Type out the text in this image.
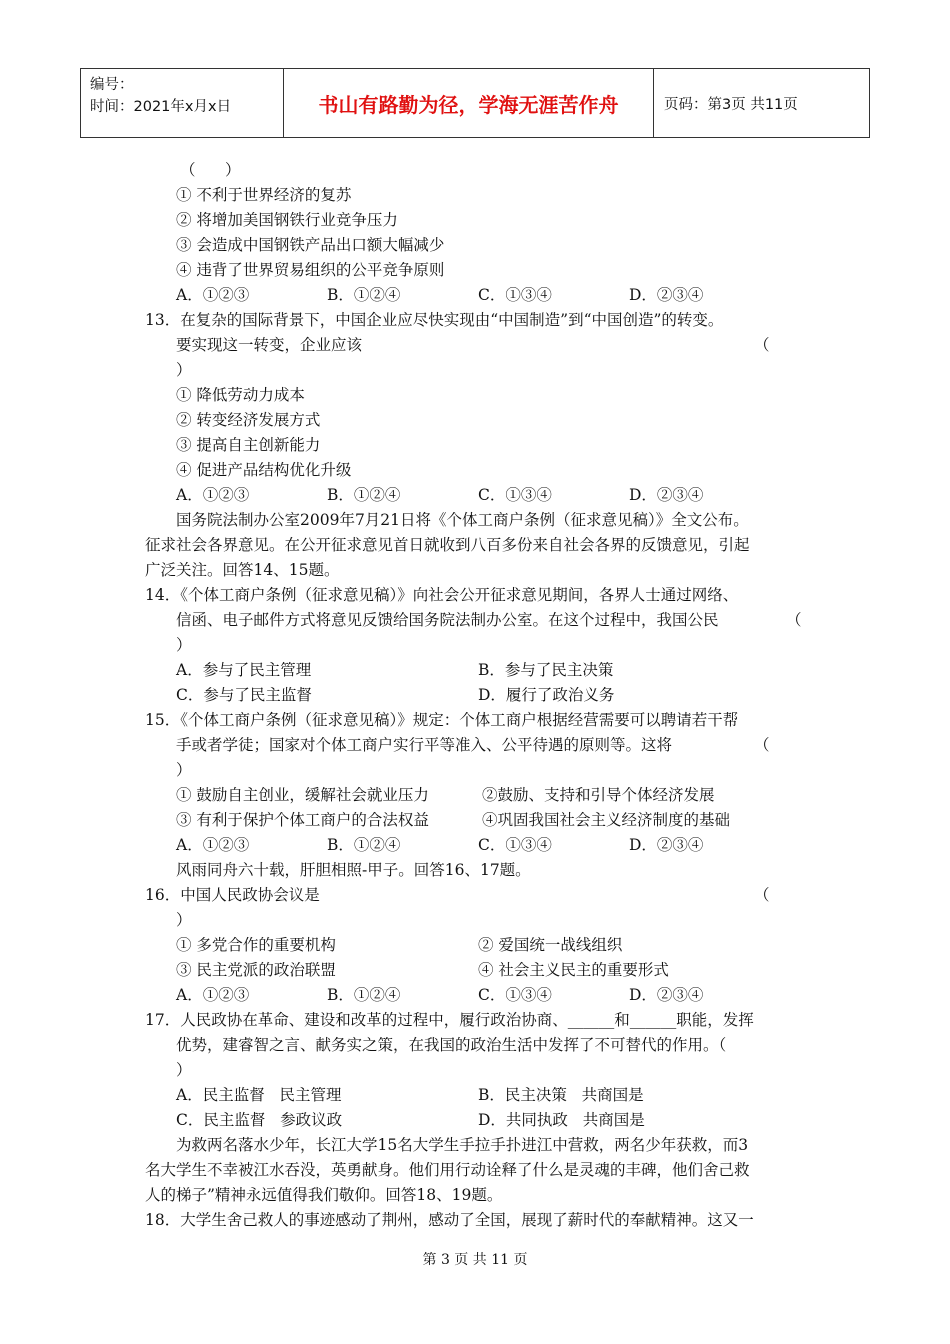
编号：
时间：2021年x月x日	书山有路勤为径，学海无涯苦作舟	页码：第3页 共11页
（      ）
① 不利于世界经济的复苏
② 将增加美国钢铁行业竞争压力
③ 会造成中国钢铁产品出口额大幅减少
④ 违背了世界贸易组织的公平竞争原则
A．①②③	B．①②④	C．①③④	D．②③④
13．在复杂的国际背景下，中国企业应尽快实现由“中国制造”到“中国创造”的转变。
要实现这一转变，企业应该	（
）
① 降低劳动力成本
② 转变经济发展方式
③ 提高自主创新能力
④ 促进产品结构优化升级
A．①②③	B．①②④	C．①③④	D．②③④
国务院法制办公室2009年7月21日将《个体工商户条例（征求意见稿）》全文公布。
征求社会各界意见。在公开征求意见首日就收到八百多份来自社会各界的反馈意见，引起
广泛关注。回答14、15题。
14．《个体工商户条例（征求意见稿）》向社会公开征求意见期间，各界人士通过网络、
信函、电子邮件方式将意见反馈给国务院法制办公室。在这个过程中，我国公民	（
）
A．参与了民主管理	B．参与了民主决策
C．参与了民主监督	D．履行了政治义务
15．《个体工商户条例（征求意见稿）》规定：个体工商户根据经营需要可以聘请若干帮
手或者学徒；国家对个体工商户实行平等准入、公平待遇的原则等。这将	（
）
① 鼓励自主创业，缓解社会就业压力	②鼓励、支持和引导个体经济发展
③ 有利于保护个体工商户的合法权益	④巩固我国社会主义经济制度的基础
A．①②③	B．①②④	C．①③④	D．②③④
风雨同舟六十载，肝胆相照-甲子。回答16、17题。
16．中国人民政协会议是	（
）
① 多党合作的重要机构	② 爱国统一战线组织
③ 民主党派的政治联盟	④ 社会主义民主的重要形式
A．①②③	B．①②④	C．①③④	D．②③④
17．人民政协在革命、建设和改革的过程中，履行政治协商、______和______职能，发挥
优势，建睿智之言、献务实之策，在我国的政治生活中发挥了不可替代的作用。（
）
A．民主监督   民主管理	B．民主决策   共商国是
C．民主监督   参政议政	D．共同执政   共商国是
为救两名落水少年，长江大学15名大学生手拉手扑进江中营救，两名少年获救，而3
名大学生不幸被江水吞没，英勇献身。他们用行动诠释了什么是灵魂的丰碑，他们舍己救
人的梯子”精神永远值得我们敬仰。回答18、19题。
18．大学生舍己救人的事迹感动了荆州，感动了全国，展现了薪时代的奉献精神。这又一
第 3 页 共 11 页
